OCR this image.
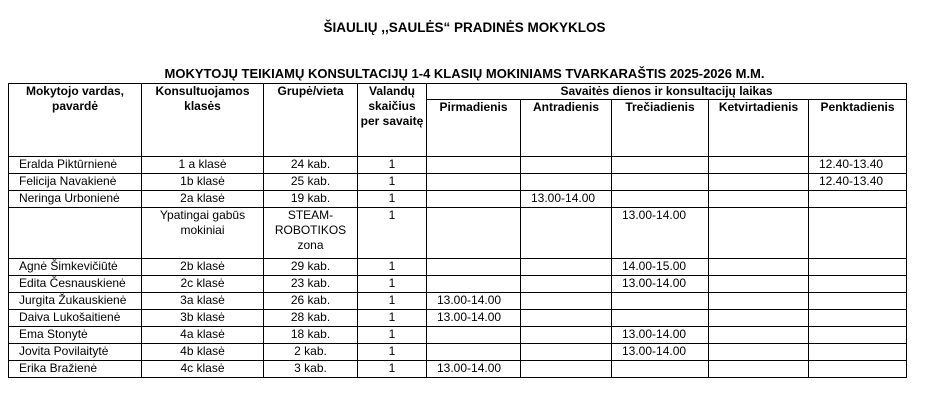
ŠIAULIŲ ,,SAULĖS“ PRADINĖS MOKYKLOS
MOKYTOJŲ TEIKIAMŲ KONSULTACIJŲ 1-4 KLASIŲ MOKINIAMS TVARKARAŠTIS 2025-2026 M.M.
Mokytojo vardas, pavardė	Konsultuojamos klasės	Grupė/vieta	Valandų skaičius per savaitę	Savaitės dienos ir konsultacijų laikas				
				Pirmadienis	Antradienis	Trečiadienis	Ketvirtadienis	Penktadienis
Eralda Piktūrnienė	1 a klasė	24 kab.	1					12.40-13.40
Felicija Navakienė	1b klasė	25 kab.	1					12.40-13.40
Neringa Urbonienė	2a klasė	19 kab.	1		13.00-14.00			
	Ypatingai gabūs mokiniai	STEAM-ROBOTIKOS zona	1			13.00-14.00		
Agnė Šimkevičiūtė	2b klasė	29 kab.	1			14.00-15.00		
Edita Česnauskienė	2c klasė	23 kab.	1			13.00-14.00		
Jurgita Žukauskienė	3a klasė	26 kab.	1	13.00-14.00				
Daiva Lukošaitienė	3b klasė	28 kab.	1	13.00-14.00				
Ema Stonytė	4a klasė	18 kab.	1			13.00-14.00		
Jovita Povilaitytė	4b klasė	2 kab.	1			13.00-14.00		
Erika Bražienė	4c klasė	3 kab.	1	13.00-14.00				
